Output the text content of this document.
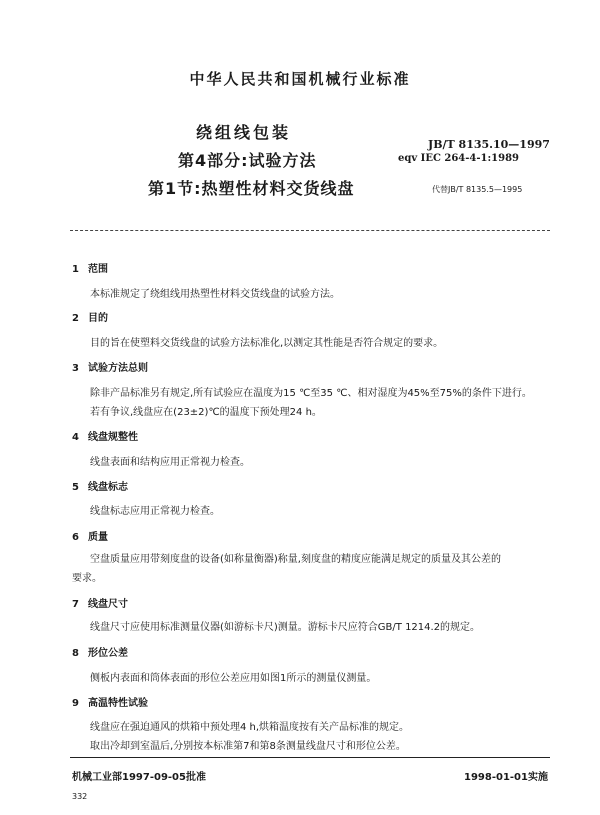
中华人民共和国机械行业标准
绕组线包装
第4部分:试验方法
第1节:热塑性材料交货线盘
JB/T 8135.10—1997
eqv IEC 264-4-1:1989
代替JB/T 8135.5—1995
1 范围
本标准规定了绕组线用热塑性材料交货线盘的试验方法。
2 目的
目的旨在使塑料交货线盘的试验方法标准化,以测定其性能是否符合规定的要求。
3 试验方法总则
除非产品标准另有规定,所有试验应在温度为15 ℃至35 ℃、相对湿度为45%至75%的条件下进行。
若有争议,线盘应在(23±2)℃的温度下预处理24 h。
4 线盘规整性
线盘表面和结构应用正常视力检查。
5 线盘标志
线盘标志应用正常视力检查。
6 质量
空盘质量应用带刻度盘的设备(如称量衡器)称量,刻度盘的精度应能满足规定的质量及其公差的
要求。
7 线盘尺寸
线盘尺寸应使用标准测量仪器(如游标卡尺)测量。游标卡尺应符合GB/T 1214.2的规定。
8 形位公差
侧板内表面和筒体表面的形位公差应用如图1所示的测量仪测量。
9 高温特性试验
线盘应在强迫通风的烘箱中预处理4 h,烘箱温度按有关产品标准的规定。
取出冷却到室温后,分别按本标准第7和第8条测量线盘尺寸和形位公差。
机械工业部1997-09-05批准	1998-01-01实施
332
